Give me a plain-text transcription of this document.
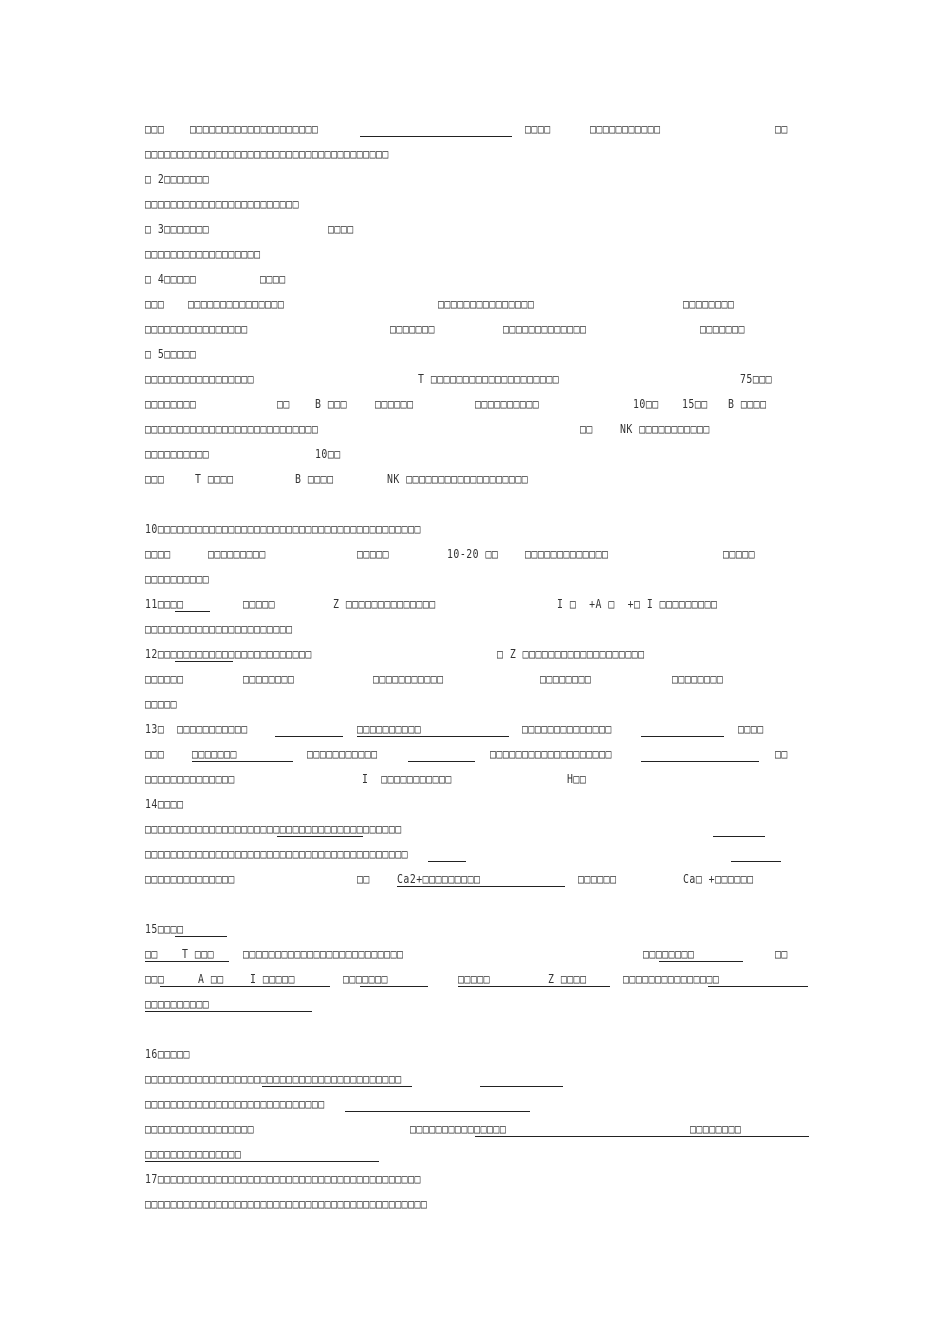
□□□ □□□□□□□□□□□□□□□□□□□□	□□□□	□□□□□□□□□□□	□□
□□□□□□□□□□□□□□□□□□□□□□□□□□□□□□□□□□□□□□
□ 2□□□□□□□
□□□□□□□□□□□□□□□□□□□□□□□□
□ 3□□□□□□□	□□□□
□□□□□□□□□□□□□□□□□□
□ 4□□□□□	□□□□
□□□ □□□□□□□□□□□□□□□	□□□□□□□□□□□□□□□	□□□□□□□□
□□□□□□□□□□□□□□□□	□□□□□□□	□□□□□□□□□□□□□	□□□□□□□
□ 5□□□□□
□□□□□□□□□□□□□□□□□	T □□□□□□□□□□□□□□□□□□□□	75□□□
□□□□□□□□	□□ B □□□ □□□□□□	□□□□□□□□□□	10□□ 15□□ B □□□□
□□□□□□□□□□□□□□□□□□□□□□□□□□□	□□ NK □□□□□□□□□□□
□□□□□□□□□□	10□□
□□□	T □□□□	B □□□□	NK □□□□□□□□□□□□□□□□□□□
10□□□□□□□□□□□□□□□□□□□□□□□□□□□□□□□□□□□□□□□□□
□□□□	□□□□□□□□□	□□□□□	10-20 □□ □□□□□□□□□□□□□	□□□□□
□□□□□□□□□□
11□□□□	□□□□□	Z □□□□□□□□□□□□□□	I □  +A □  +□ I □□□□□□□□□
□□□□□□□□□□□□□□□□□□□□□□□
12□□□□□□□□□□□□□□□□□□□□□□□□	□ Z □□□□□□□□□□□□□□□□□□□
□□□□□□	□□□□□□□□	□□□□□□□□□□□	□□□□□□□□	□□□□□□□□
□□□□□
13□  □□□□□□□□□□□	□□□□□□□□□□	□□□□□□□□□□□□□□	□□□□
□□□ □□□□□□□	□□□□□□□□□□□	□□□□□□□□□□□□□□□□□□□	□□
□□□□□□□□□□□□□□	I  □□□□□□□□□□□	H□□
14□□□□
□□□□□□□□□□□□□□□□□□□□□□□□□□□□□□□□□□□□□□□□
□□□□□□□□□□□□□□□□□□□□□□□□□□□□□□□□□□□□□□□□□
□□□□□□□□□□□□□□	□□ Ca2+□□□□□□□□□	□□□□□□	Ca□ +□□□□□□
15□□□□
□□ T □□□ □□□□□□□□□□□□□□□□□□□□□□□□□	□□□□□□□□	□□
□□□	A □□ I □□□□□	□□□□□□□	□□□□□	Z □□□□	□□□□□□□□□□□□□□□
□□□□□□□□□□
16□□□□□
□□□□□□□□□□□□□□□□□□□□□□□□□□□□□□□□□□□□□□□□
□□□□□□□□□□□□□□□□□□□□□□□□□□□□
□□□□□□□□□□□□□□□□□	□□□□□□□□□□□□□□□	□□□□□□□□
□□□□□□□□□□□□□□□
17□□□□□□□□□□□□□□□□□□□□□□□□□□□□□□□□□□□□□□□□□
□□□□□□□□□□□□□□□□□□□□□□□□□□□□□□□□□□□□□□□□□□□□
